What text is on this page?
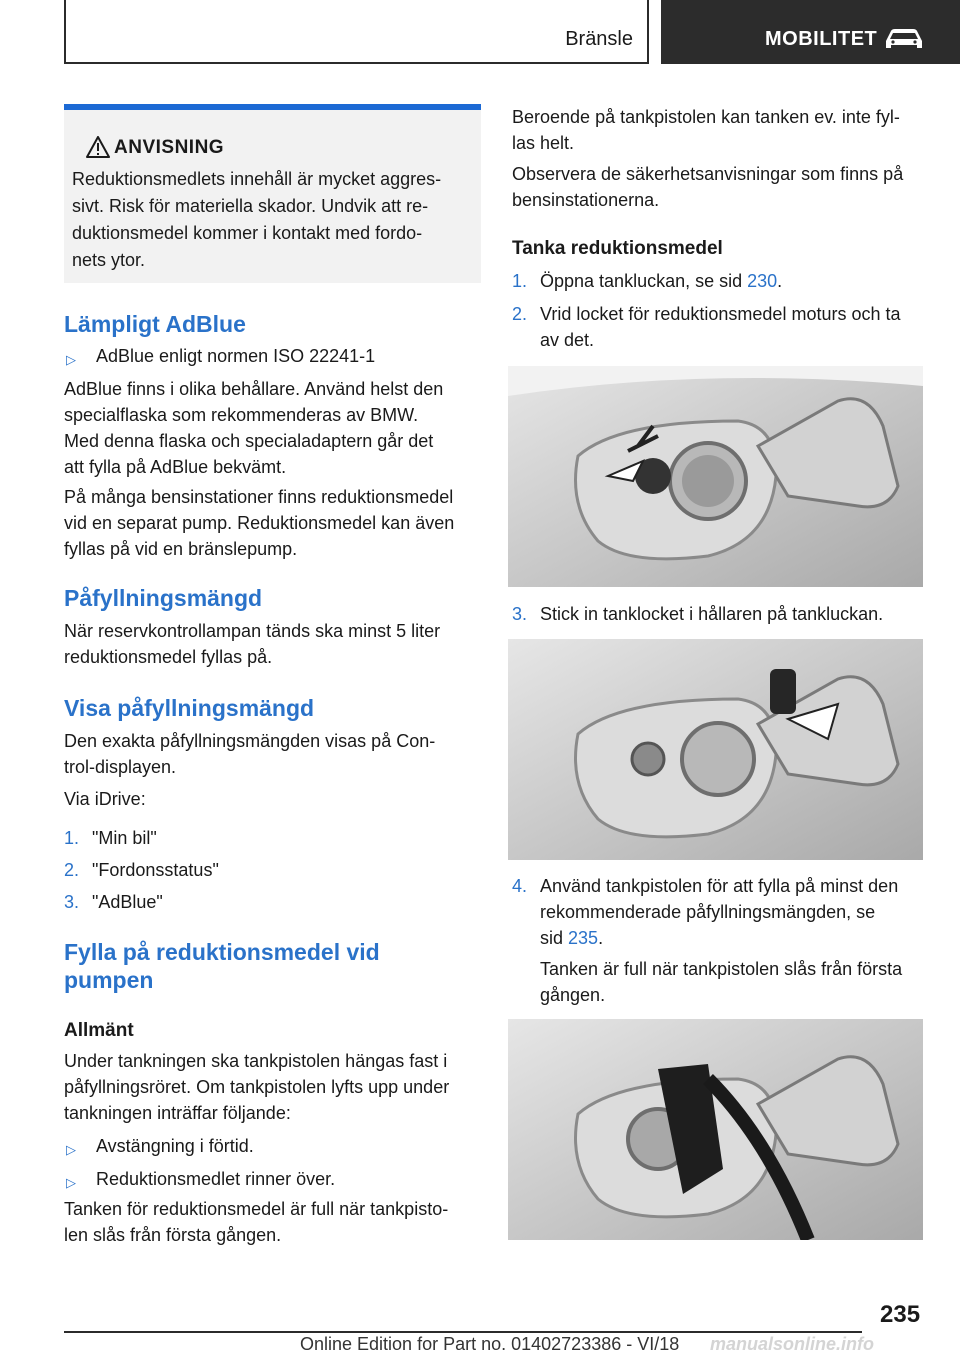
Bränsle	MOBILITET
ANVISNING
Reduktionsmedlets innehåll är mycket aggres-
sivt. Risk för materiella skador. Undvik att re-
duktionsmedel kommer i kontakt med fordo-
nets ytor.
Lämpligt AdBlue
▷ AdBlue enligt normen ISO 22241-1
AdBlue finns i olika behållare. Använd helst den
specialflaska som rekommenderas av BMW.
Med denna flaska och specialadaptern går det
att fylla på AdBlue bekvämt.
På många bensinstationer finns reduktionsmedel
vid en separat pump. Reduktionsmedel kan även
fyllas på vid en bränslepump.
Påfyllningsmängd
När reservkontrollampan tänds ska minst 5 liter
reduktionsmedel fyllas på.
Visa påfyllningsmängd
Den exakta påfyllningsmängden visas på Con-
trol-displayen.
Via iDrive:
1. "Min bil"
2. "Fordonsstatus"
3. "AdBlue"
Fylla på reduktionsmedel vid
pumpen
Allmänt
Under tankningen ska tankpistolen hängas fast i
påfyllningsröret. Om tankpistolen lyfts upp under
tankningen inträffar följande:
▷ Avstängning i förtid.
▷ Reduktionsmedlet rinner över.
Tanken för reduktionsmedel är full när tankpisto-
len slås från första gången.
Beroende på tankpistolen kan tanken ev. inte fyl-
las helt.
Observera de säkerhetsanvisningar som finns på
bensinstationerna.
Tanka reduktionsmedel
1. Öppna tankluckan, se sid 230.
2. Vrid locket för reduktionsmedel moturs och ta
av det.
3. Stick in tanklocket i hållaren på tankluckan.
4. Använd tankpistolen för att fylla på minst den
rekommenderade påfyllningsmängden, se
sid 235.
Tanken är full när tankpistolen slås från första
gången.
235
Online Edition for Part no. 01402723386 - VI/18 manualsonline.info
